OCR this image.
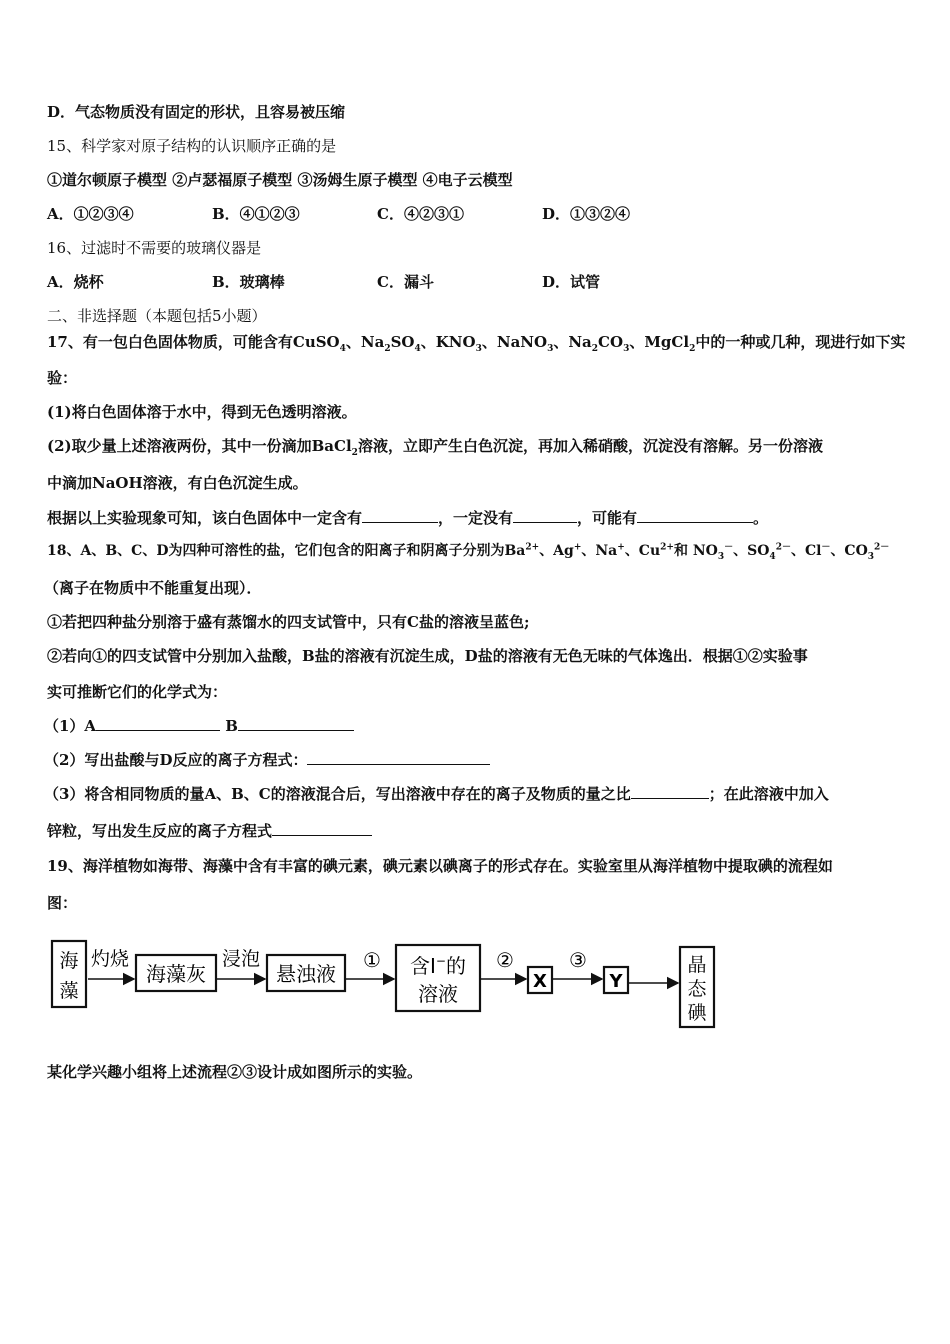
D．气态物质没有固定的形状，且容易被压缩
15、科学家对原子结构的认识顺序正确的是
①道尔顿原子模型 ②卢瑟福原子模型 ③汤姆生原子模型 ④电子云模型
A．①②③④	B．④①②③	C．④②③①	D．①③②④
16、过滤时不需要的玻璃仪器是
A．烧杯	B．玻璃棒	C．漏斗	D．试管
二、非选择题（本题包括5小题）
17、有一包白色固体物质，可能含有CuSO$_4$、$Na_2SO_4$、$KNO_3$、NaNO$_3$、$Na_2CO_3$、MgCl$_2$中的一种或几种，现进行如下实
验：
(1)将白色固体溶于水中，得到无色透明溶液。
(2)取少量上述溶液两份，其中一份滴加BaCl$_2$溶液，立即产生白色沉淀，再加入稀硝酸，沉淀没有溶解。另一份溶液
中滴加NaOH溶液，有白色沉淀生成。
根据以上实验现象可知，该白色固体中一定含有	，一定没有	，可能有	。
18、A、B、C、D为四种可溶性的盐，它们包含的阳离子和阴离子分别为$Ba^{2+}$、Ag+、Na+、$Cu^{2+}$和 $NO_3^-$、$SO_4^{2-}$、Cl－、$CO_3^{2-}$
（离子在物质中不能重复出现）．
①若把四种盐分别溶于盛有蒸馏水的四支试管中，只有C盐的溶液呈蓝色;
②若向①的四支试管中分别加入盐酸，B盐的溶液有沉淀生成，D盐的溶液有无色无味的气体逸出．根据①②实验事
实可推断它们的化学式为：
（1）A	B
（2）写出盐酸与D反应的离子方程式：
（3）将含相同物质的量A、B、C的溶液混合后，写出溶液中存在的离子及物质的量之比	；在此溶液中加入
锌粒，写出发生反应的离子方程式
19、海洋植物如海带、海藻中含有丰富的碘元素，碘元素以碘离子的形式存在。实验室里从海洋植物中提取碘的流程如
图：
海
藻
灼烧
海藻灰
浸泡
悬浊液
① 含I−的
溶液
②
X
③
Y
晶
态
碘
某化学兴趣小组将上述流程②③设计成如图所示的实验。
